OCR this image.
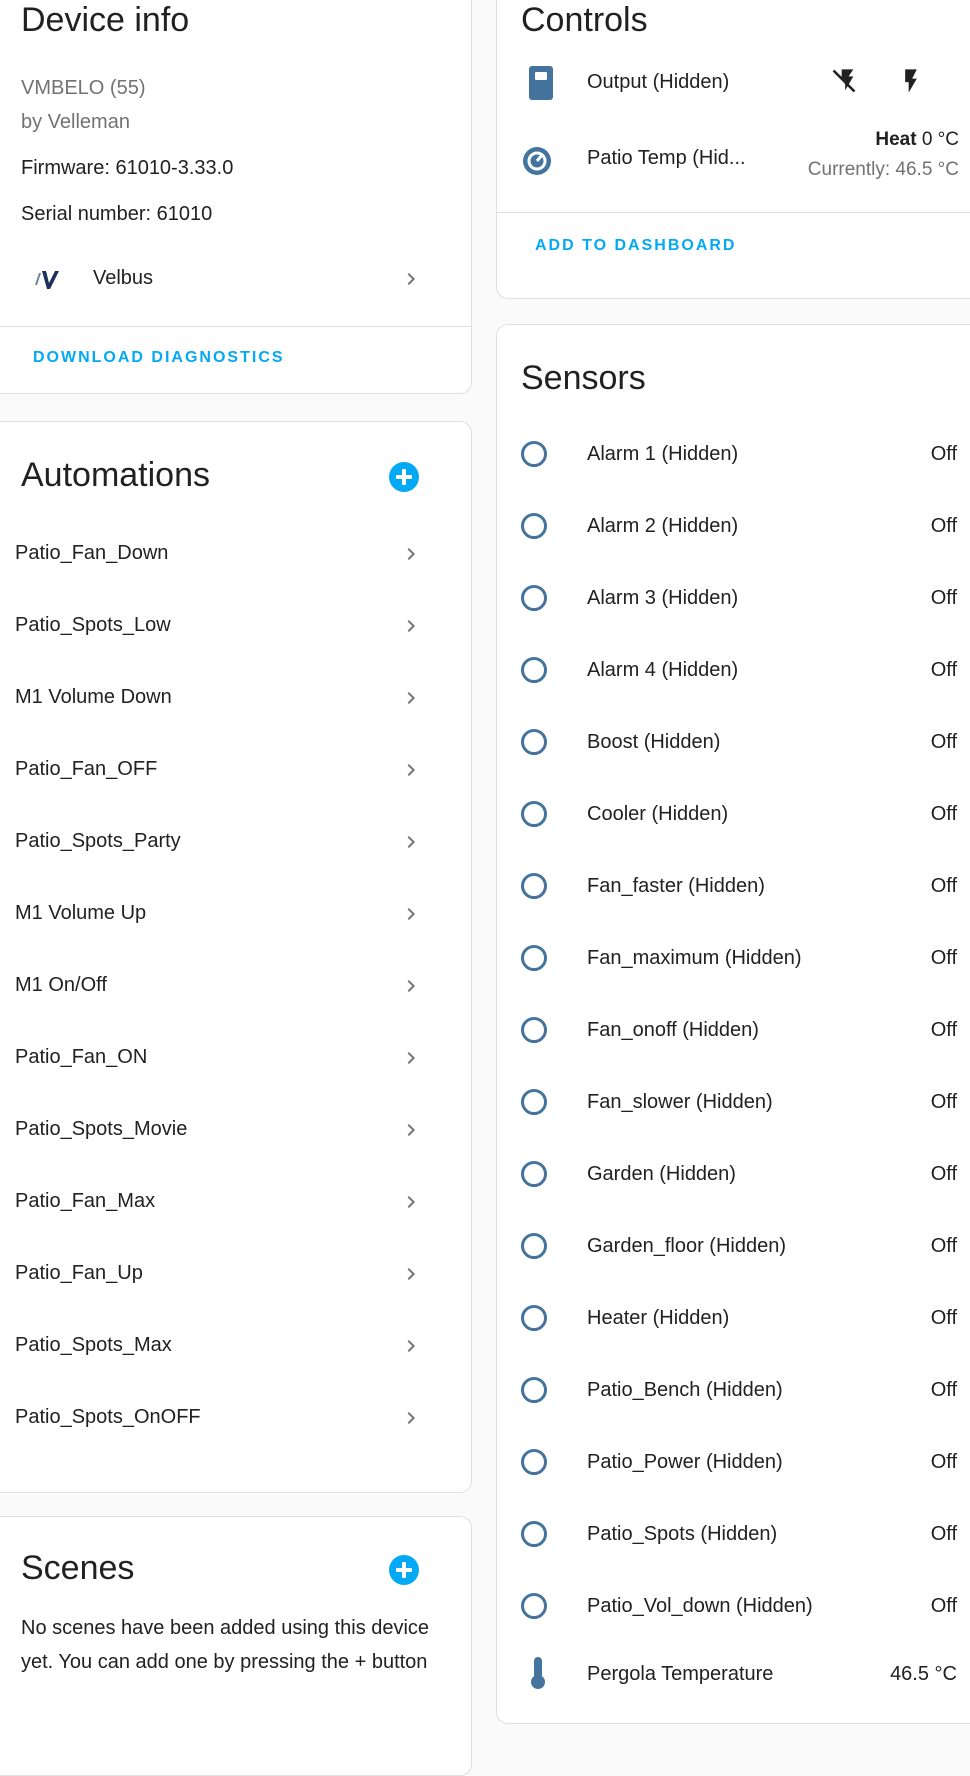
Device info
VMBELO (55)
by Velleman
Firmware: 61010-3.33.0
Serial number: 61010
Velbus
DOWNLOAD DIAGNOSTICS
Automations
Patio_Fan_Down
Patio_Spots_Low
M1 Volume Down
Patio_Fan_OFF
Patio_Spots_Party
M1 Volume Up
M1 On/Off
Patio_Fan_ON
Patio_Spots_Movie
Patio_Fan_Max
Patio_Fan_Up
Patio_Spots_Max
Patio_Spots_OnOFF
Scenes
No scenes have been added using this device
yet. You can add one by pressing the + button
Controls
Output (Hidden)
Patio Temp (Hid...
Heat 0 °C
Currently: 46.5 °C
ADD TO DASHBOARD
Sensors
Alarm 1 (Hidden)	Off
Alarm 2 (Hidden)	Off
Alarm 3 (Hidden)	Off
Alarm 4 (Hidden)	Off
Boost (Hidden)	Off
Cooler (Hidden)	Off
Fan_faster (Hidden)	Off
Fan_maximum (Hidden)	Off
Fan_onoff (Hidden)	Off
Fan_slower (Hidden)	Off
Garden (Hidden)	Off
Garden_floor (Hidden)	Off
Heater (Hidden)	Off
Patio_Bench (Hidden)	Off
Patio_Power (Hidden)	Off
Patio_Spots (Hidden)	Off
Patio_Vol_down (Hidden)	Off
Pergola Temperature	46.5 °C
